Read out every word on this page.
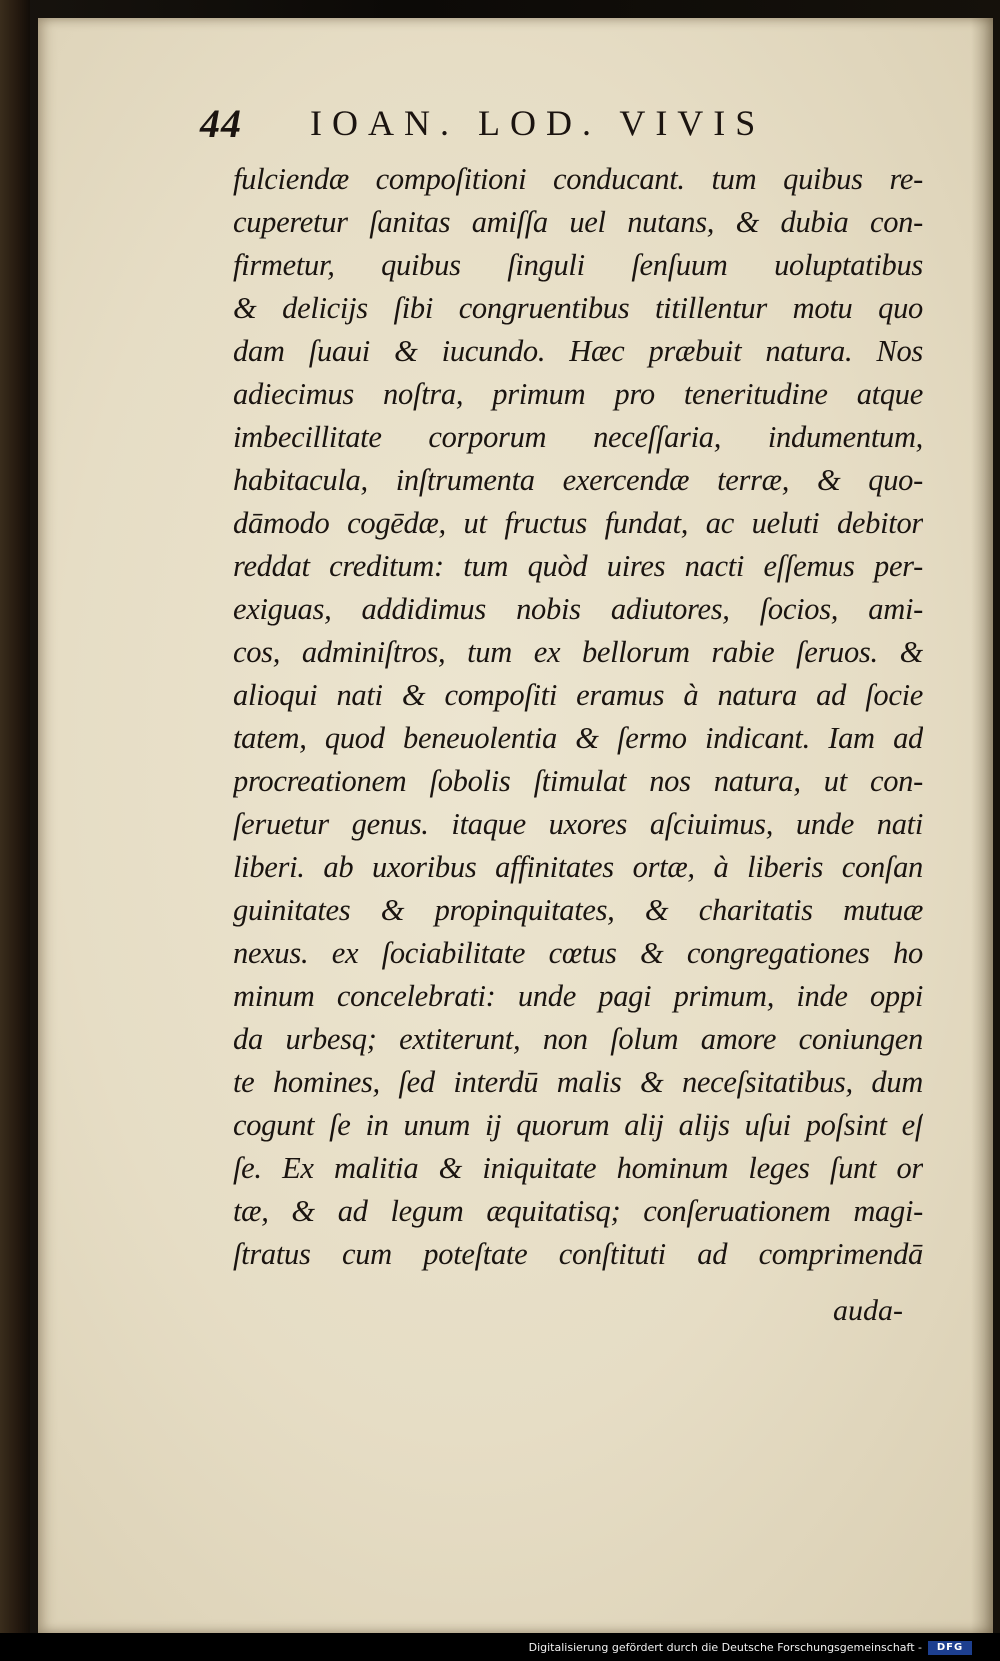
44 IOAN. LOD. VIVIS
fulciendæ compoſitioni conducant. tum quibus re-
cuperetur ſanitas amiſſa uel nutans, & dubia con-
firmetur, quibus ſinguli ſenſuum uoluptatibus
& delicijs ſibi congruentibus titillentur motu quo
dam ſuaui & iucundo. Hæc præbuit natura. Nos
adiecimus noſtra, primum pro teneritudine atque
imbecillitate corporum neceſſaria, indumentum,
habitacula, inſtrumenta exercendæ terræ, & quo-
dāmodo cogēdæ, ut fructus fundat, ac ueluti debitor
reddat creditum: tum quòd uires nacti eſſemus per-
exiguas, addidimus nobis adiutores, ſocios, ami-
cos, adminiſtros, tum ex bellorum rabie ſeruos. &
alioqui nati & compoſiti eramus à natura ad ſocie
tatem, quod beneuolentia & ſermo indicant. Iam ad
procreationem ſobolis ſtimulat nos natura, ut con-
ſeruetur genus. itaque uxores aſciuimus, unde nati
liberi. ab uxoribus affinitates ortæ, à liberis conſan
guinitates & propinquitates, & charitatis mutuæ
nexus. ex ſociabilitate cœtus & congregationes ho
minum concelebrati: unde pagi primum, inde oppi
da urbesq; extiterunt, non ſolum amore coniungen
te homines, ſed interdū malis & neceſsitatibus, dum
cogunt ſe in unum ij quorum alij alijs uſui poſsint eſ
ſe. Ex malitia & iniquitate hominum leges ſunt or
tæ, & ad legum æquitatisq; conſeruationem magi-
ſtratus cum poteſtate conſtituti ad comprimendā
auda-
Digitalisierung gefördert durch die Deutsche Forschungsgemeinschaft -	DFG
